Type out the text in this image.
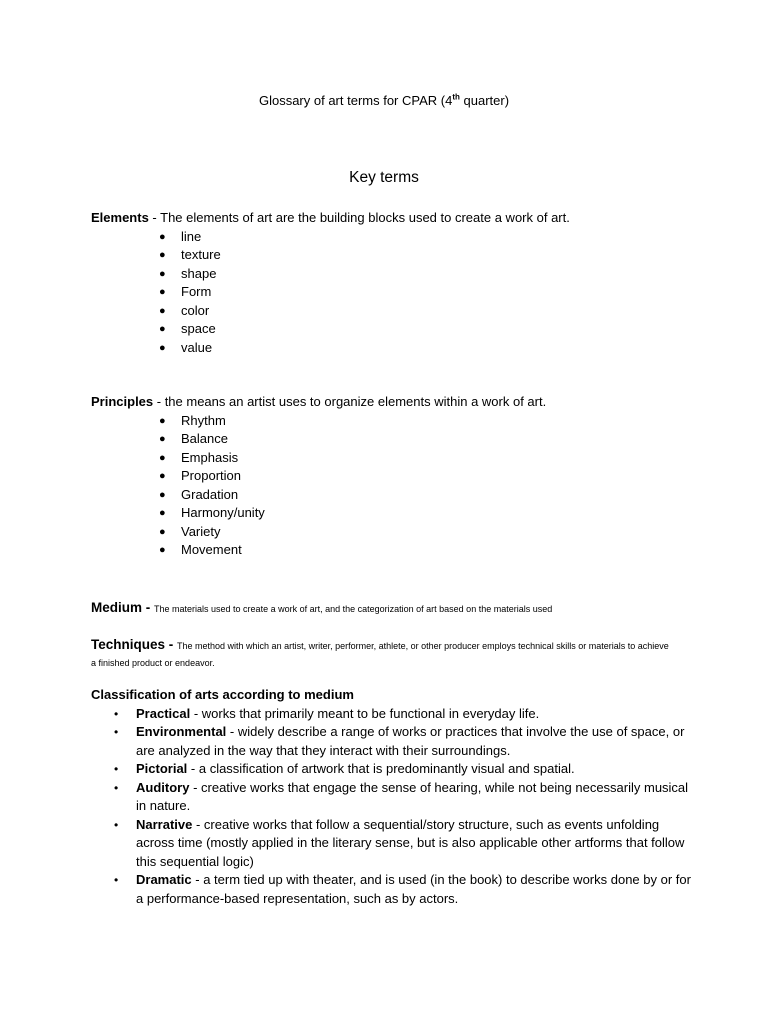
Glossary of art terms for CPAR (4th quarter)
Key terms
Elements - The elements of art are the building blocks used to create a work of art.
● line
● texture
● shape
● Form
● color
● space
● value
Principles - the means an artist uses to organize elements within a work of art.
● Rhythm
● Balance
● Emphasis
● Proportion
● Gradation
● Harmony/unity
● Variety
● Movement
Medium - The materials used to create a work of art, and the categorization of art based on the materials used
Techniques - The method with which an artist, writer, performer, athlete, or other producer employs technical skills or materials to achieve a finished product or endeavor.
Classification of arts according to medium
• Practical - works that primarily meant to be functional in everyday life.
• Environmental - widely describe a range of works or practices that involve the use of space, or are analyzed in the way that they interact with their surroundings.
• Pictorial - a classification of artwork that is predominantly visual and spatial.
• Auditory - creative works that engage the sense of hearing, while not being necessarily musical in nature.
• Narrative - creative works that follow a sequential/story structure, such as events unfolding across time (mostly applied in the literary sense, but is also applicable other artforms that follow this sequential logic)
• Dramatic - a term tied up with theater, and is used (in the book) to describe works done by or for a performance-based representation, such as by actors.
